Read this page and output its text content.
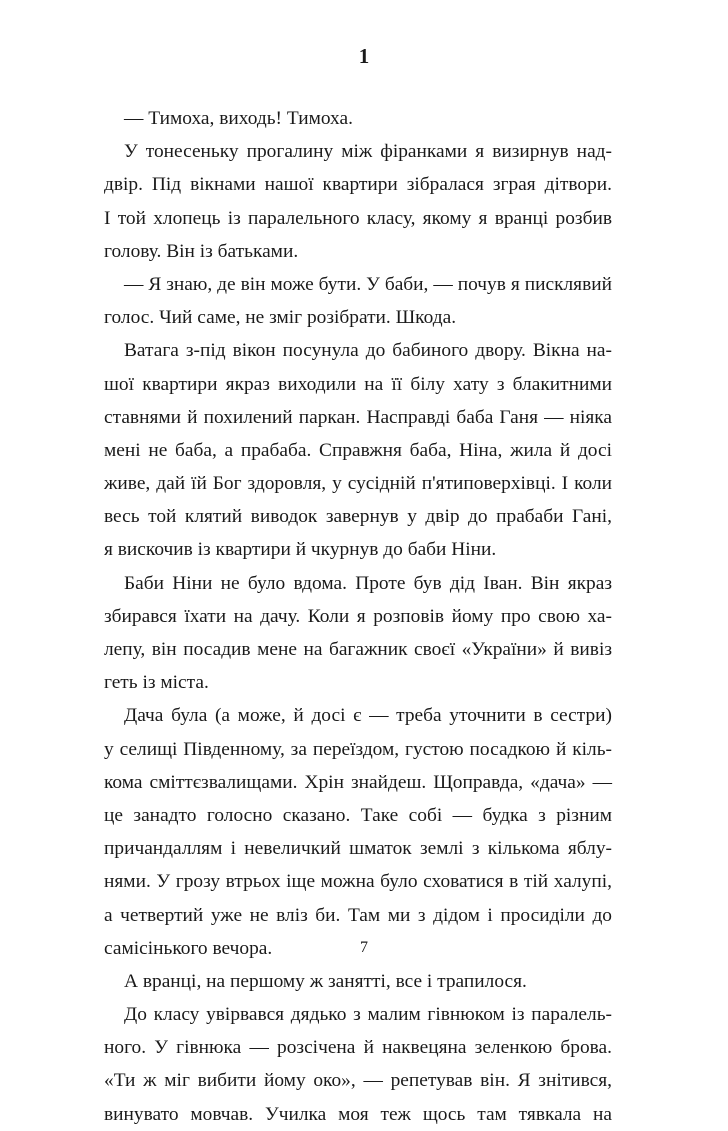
1
— Тимоха, виходь! Тимоха.
У тонесеньку прогалину між фіранками я визирнув над-
двір. Під вікнами нашої квартири зібралася зграя дітвори.
І той хлопець із паралельного класу, якому я вранці розбив
голову. Він із батьками.
— Я знаю, де він може бути. У баби, — почув я писклявий
голос. Чий саме, не зміг розібрати. Шкода.
Ватага з-під вікон посунула до бабиного двору. Вікна на-
шої квартири якраз виходили на її білу хату з блакитними
ставнями й похилений паркан. Насправді баба Ганя — ніяка
мені не баба, а прабаба. Справжня баба, Ніна, жила й досі
живе, дай їй Бог здоровля, у сусідній п'ятиповерхівці. І коли
весь той клятий виводок завернув у двір до прабаби Гані,
я вискочив із квартири й чкурнув до баби Ніни.
Баби Ніни не було вдома. Проте був дід Іван. Він якраз
збирався їхати на дачу. Коли я розповів йому про свою ха-
лепу, він посадив мене на багажник своєї «України» й вивіз
геть із міста.
Дача була (а може, й досі є — треба уточнити в сестри)
у селищі Південному, за переїздом, густою посадкою й кіль-
кома сміттєзвалищами. Хрін знайдеш. Щоправда, «дача» —
це занадто голосно сказано. Таке собі — будка з різним
причандаллям і невеличкий шматок землі з кількома яблу-
нями. У грозу втрьох іще можна було сховатися в тій халупі,
а четвертий уже не вліз би. Там ми з дідом і просиділи до
самісінького вечора.
А вранці, на першому ж занятті, все і трапилося.
До класу увірвався дядько з малим гівнюком із паралель-
ного. У гівнюка — розсічена й наквецяна зеленкою брова.
«Ти ж міг вибити йому око», — репетував він. Я знітився,
винувато мовчав. Училка моя теж щось там тявкала на
7
